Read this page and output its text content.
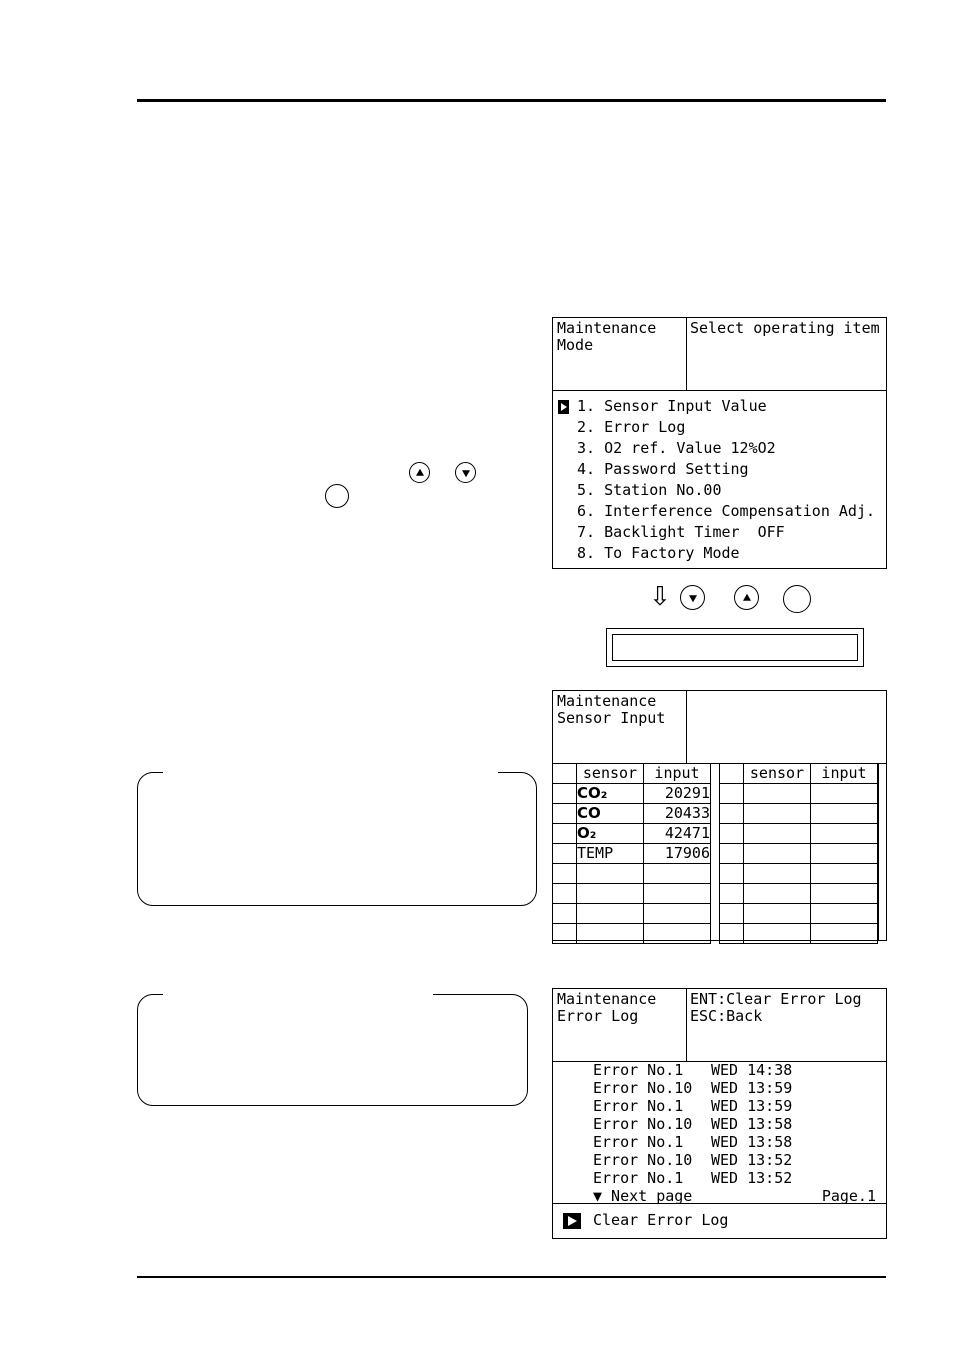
Maintenance
Mode
Select operating item
1. Sensor Input Value
2. Error Log
3. O2 ref. Value 12%O2
4. Password Setting
5. Station No.00
6. Interference Compensation Adj.
7. Backlight Timer  OFF
8. To Factory Mode
⇩
Maintenance
Sensor Input
	sensor	input
	CO₂	20291
	CO	20433
	O₂	42471
	TEMP	17906

	sensor	input

Maintenance
Error Log
ENT:Clear Error Log
ESC:Back
Error No.1 WED 14:38
Error No.10 WED 13:59
Error No.1 WED 13:59
Error No.10 WED 13:58
Error No.1 WED 13:58
Error No.10 WED 13:52
Error No.1 WED 13:52
▼ Next page	Page.1
Clear Error Log
